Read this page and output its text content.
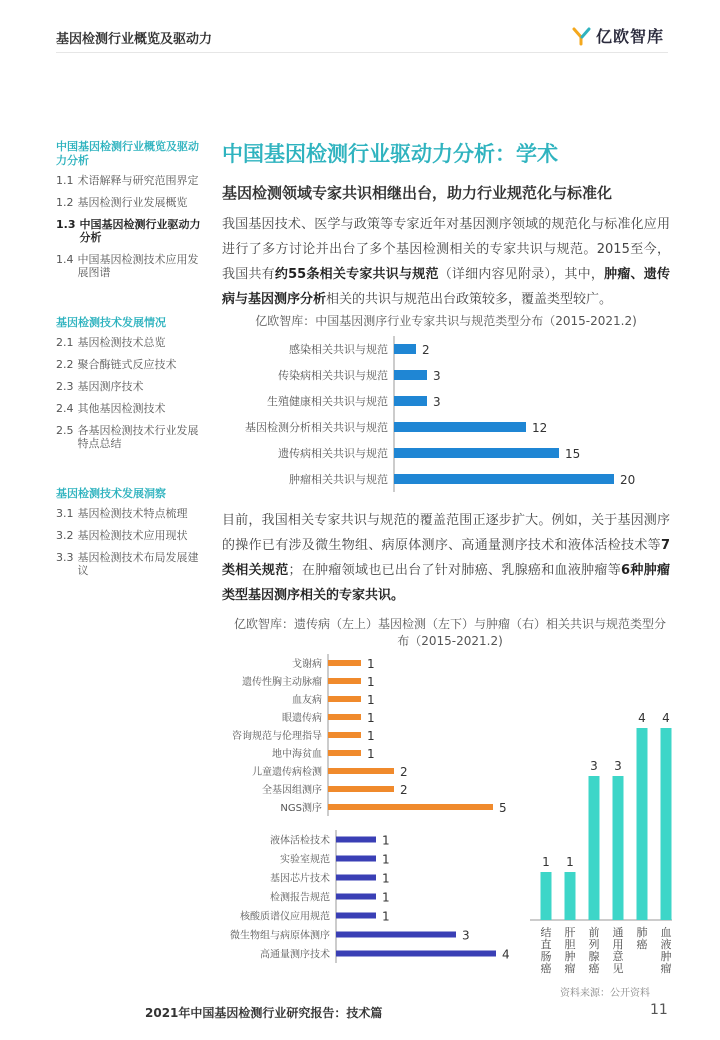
基因检测行业概览及驱动力	亿欧智库
中国基因检测行业概览及驱动力分析
1.1 术语解释与研究范围界定
1.2 基因检测行业发展概览
1.3 中国基因检测行业驱动力分析
1.4 中国基因检测技术应用发展图谱
基因检测技术发展情况
2.1 基因检测技术总览
2.2 聚合酶链式反应技术
2.3 基因测序技术
2.4 其他基因检测技术
2.5 各基因检测技术行业发展特点总结
基因检测技术发展洞察
3.1 基因检测技术特点梳理
3.2 基因检测技术应用现状
3.3 基因检测技术布局发展建议
中国基因检测行业驱动力分析：学术
基因检测领域专家共识相继出台，助力行业规范化与标准化
我国基因技术、医学与政策等专家近年对基因测序领域的规范化与标准化应用进行了多方讨论并出台了多个基因检测相关的专家共识与规范。2015至今，我国共有约55条相关专家共识与规范（详细内容见附录），其中，肿瘤、遗传病与基因测序分析相关的共识与规范出台政策较多，覆盖类型较广。
亿欧智库：中国基因测序行业专家共识与规范类型分布（2015-2021.2)
感染相关共识与规范	2
传染病相关共识与规范	3
生殖健康相关共识与规范	3
基因检测分析相关共识与规范	12
遗传病相关共识与规范	15
肿瘤相关共识与规范	20
目前，我国相关专家共识与规范的覆盖范围正逐步扩大。例如，关于基因测序的操作已有涉及微生物组、病原体测序、高通量测序技术和液体活检技术等7类相关规范；在肿瘤领域也已出台了针对肺癌、乳腺癌和血液肿瘤等6种肿瘤类型基因测序相关的专家共识。
亿欧智库：遗传病（左上）基因检测（左下）与肿瘤（右）相关共识与规范类型分布（2015-2021.2)
戈谢病	1
遗传性胸主动脉瘤	1
血友病	1
眼遗传病	1
咨询规范与伦理指导	1
地中海贫血	1
儿童遗传病检测	2
全基因组测序	2
NGS测序	5
液体活检技术	1
实验室规范	1
基因芯片技术	1
检测报告规范	1
核酸质谱仪应用规范	1
微生物组与病原体测序	3
高通量测序技术	4
1
结直肠癌
1
肝胆肿瘤
3
前列腺癌
3
通用意见
4
肺癌
4
血液肿瘤
资料来源：公开资料
2021年中国基因检测行业研究报告：技术篇	11
